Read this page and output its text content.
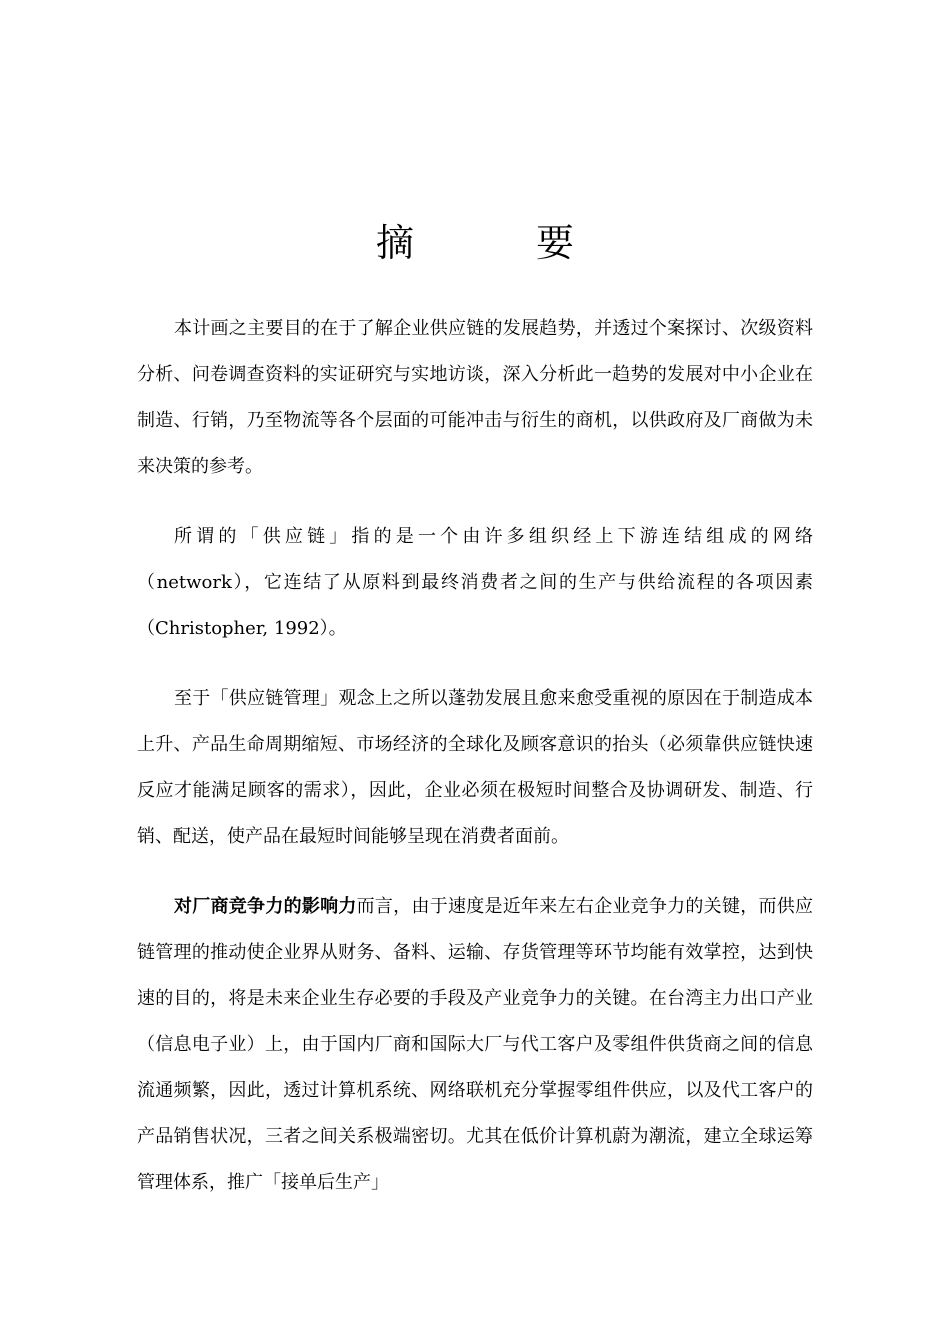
摘　要

本计画之主要目的在于了解企业供应链的发展趋势，并透过个案探讨、次级资料分析、问卷调查资料的实证研究与实地访谈，深入分析此一趋势的发展对中小企业在制造、行销，乃至物流等各个层面的可能冲击与衍生的商机，以供政府及厂商做为未来决策的参考。

所谓的「供应链」指的是一个由许多组织经上下游连结组成的网络（network），它连结了从原料到最终消费者之间的生产与供给流程的各项因素（Christopher, 1992）。

至于「供应链管理」观念上之所以蓬勃发展且愈来愈受重视的原因在于制造成本上升、产品生命周期缩短、市场经济的全球化及顾客意识的抬头（必须靠供应链快速反应才能满足顾客的需求），因此，企业必须在极短时间整合及协调研发、制造、行销、配送，使产品在最短时间能够呈现在消费者面前。

对厂商竞争力的影响力而言，由于速度是近年来左右企业竞争力的关键，而供应链管理的推动使企业界从财务、备料、运输、存货管理等环节均能有效掌控，达到快速的目的，将是未来企业生存必要的手段及产业竞争力的关键。在台湾主力出口产业（信息电子业）上，由于国内厂商和国际大厂与代工客户及零组件供货商之间的信息流通频繁，因此，透过计算机系统、网络联机充分掌握零组件供应，以及代工客户的产品销售状况，三者之间关系极端密切。尤其在低价计算机蔚为潮流，建立全球运筹管理体系，推广「接单后生产」
